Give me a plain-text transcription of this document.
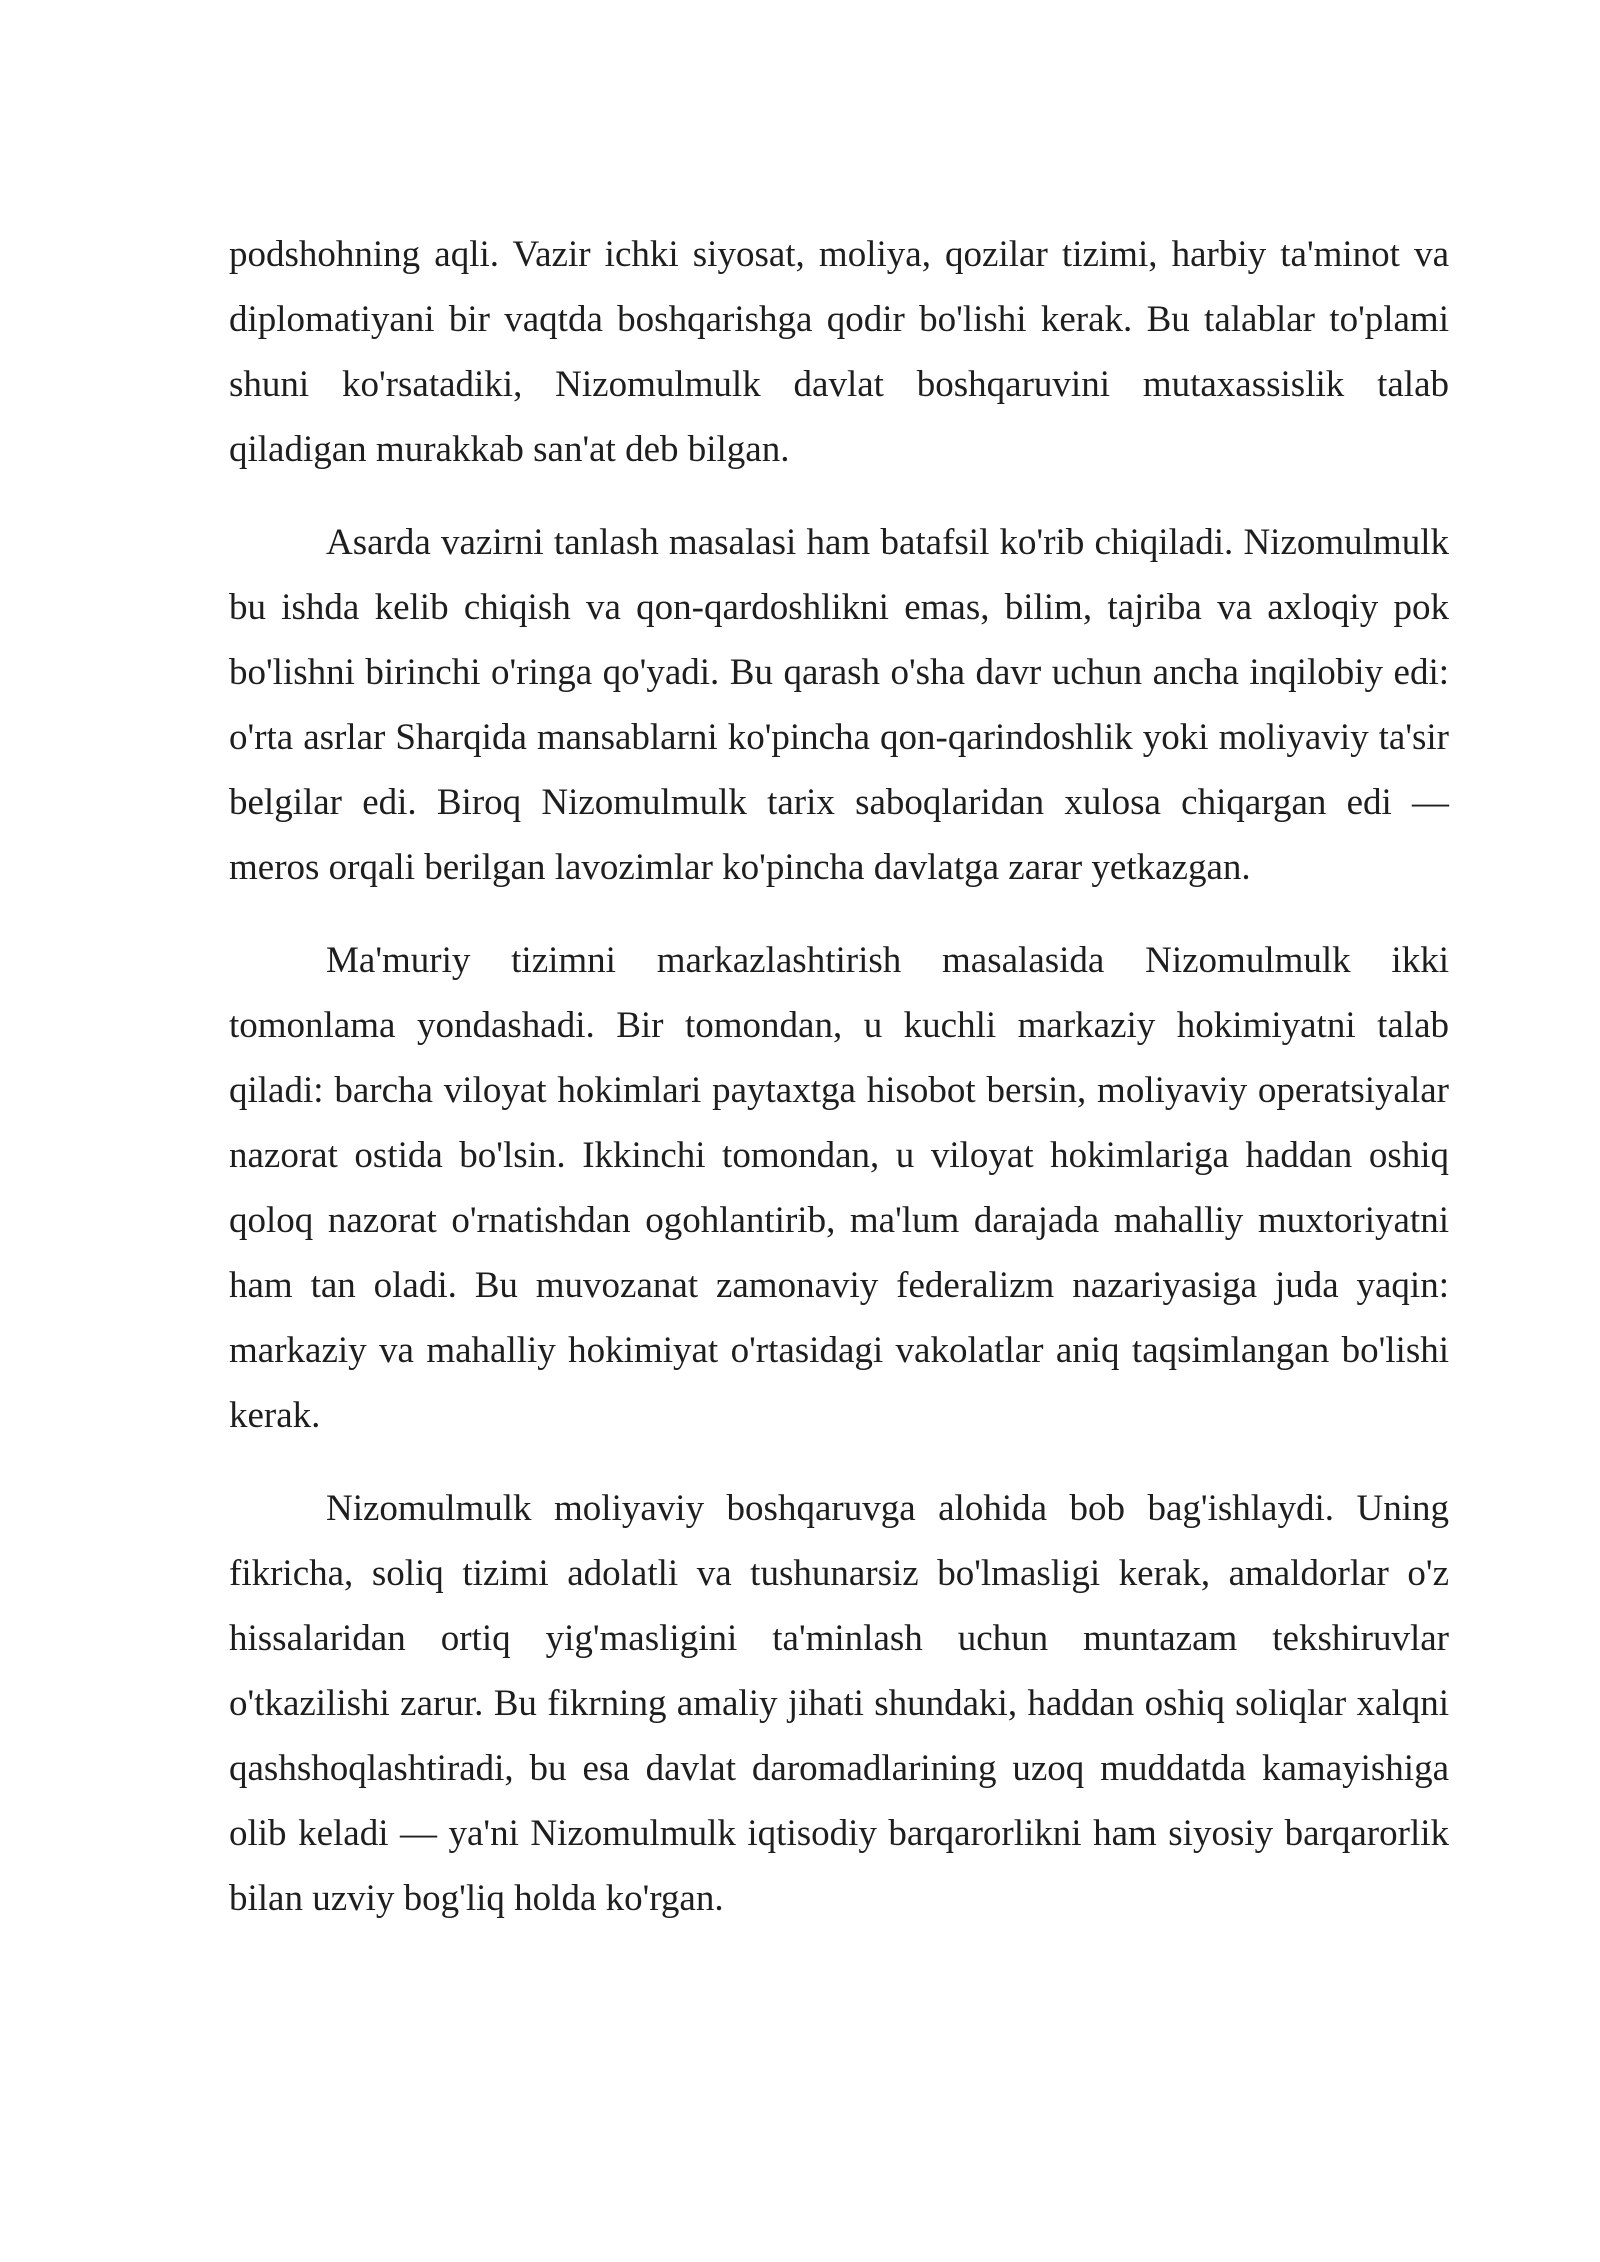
podshohning aqli. Vazir ichki siyosat, moliya, qozilar tizimi, harbiy ta'minot va diplomatiyani bir vaqtda boshqarishga qodir bo'lishi kerak. Bu talablar to'plami shuni ko'rsatadiki, Nizomulmulk davlat boshqaruvini mutaxassislik talab qiladigan murakkab san'at deb bilgan.

Asarda vazirni tanlash masalasi ham batafsil ko'rib chiqiladi. Nizomulmulk bu ishda kelib chiqish va qon-qardoshlikni emas, bilim, tajriba va axloqiy pok bo'lishni birinchi o'ringa qo'yadi. Bu qarash o'sha davr uchun ancha inqilobiy edi: o'rta asrlar Sharqida mansablarni ko'pincha qon-qarindoshlik yoki moliyaviy ta'sir belgilar edi. Biroq Nizomulmulk tarix saboqlaridan xulosa chiqargan edi — meros orqali berilgan lavozimlar ko'pincha davlatga zarar yetkazgan.

Ma'muriy tizimni markazlashtirish masalasida Nizomulmulk ikki tomonlama yondashadi. Bir tomondan, u kuchli markaziy hokimiyatni talab qiladi: barcha viloyat hokimlari paytaxtga hisobot bersin, moliyaviy operatsiyalar nazorat ostida bo'lsin. Ikkinchi tomondan, u viloyat hokimlariga haddan oshiq qoloq nazorat o'rnatishdan ogohlantirib, ma'lum darajada mahalliy muxtoriyatni ham tan oladi. Bu muvozanat zamonaviy federalizm nazariyasiga juda yaqin: markaziy va mahalliy hokimiyat o'rtasidagi vakolatlar aniq taqsimlangan bo'lishi kerak.

Nizomulmulk moliyaviy boshqaruvga alohida bob bag'ishlaydi. Uning fikricha, soliq tizimi adolatli va tushunarsiz bo'lmasligi kerak, amaldorlar o'z hissalaridan ortiq yig'masligini ta'minlash uchun muntazam tekshiruvlar o'tkazilishi zarur. Bu fikrning amaliy jihati shundaki, haddan oshiq soliqlar xalqni qashshoqlashtiradi, bu esa davlat daromadlarining uzoq muddatda kamayishiga olib keladi — ya'ni Nizomulmulk iqtisodiy barqarorlikni ham siyosiy barqarorlik bilan uzviy bog'liq holda ko'rgan.
